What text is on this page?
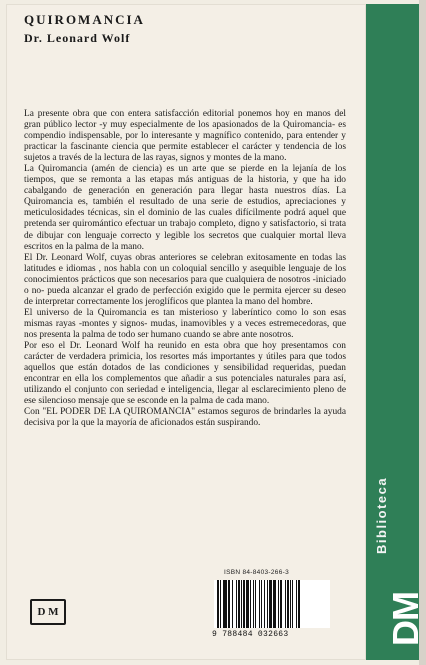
QUIROMANCIA
Dr. Leonard Wolf

La presente obra que con entera satisfacción editorial ponemos hoy en manos del gran público lector -y muy especialmente de los apasionados de la Quiromancia- es compendio indispensable, por lo interesante y magnífico contenido, para entender y practicar la fascinante ciencia que permite establecer el carácter y tendencia de los sujetos a través de la lectura de las rayas, signos y montes de la mano.

La Quiromancia (amén de ciencia) es un arte que se pierde en la lejanía de los tiempos, que se remonta a las etapas más antiguas de la historia, y que ha ido cabalgando de generación en generación para llegar hasta nuestros días. La Quiromancia es, también el resultado de una serie de estudios, apreciaciones y meticulosidades técnicas, sin el dominio de las cuales difícilmente podrá aquel que pretenda ser quiromántico efectuar un trabajo completo, digno y satisfactorio, si trata de dibujar con lenguaje correcto y legible los secretos que cualquier mortal lleva escritos en la palma de la mano.

El Dr. Leonard Wolf, cuyas obras anteriores se celebran exitosamente en todas las latitudes e idiomas , nos habla con un coloquial sencillo y asequible lenguaje de los conocimientos prácticos que son necesarios para que cualquiera de nosotros -iniciado o no- pueda alcanzar el grado de perfección exigido que le permita ejercer su deseo de interpretar correctamente los jeroglíficos que plantea la mano del hombre.

El universo de la Quiromancia es tan misterioso y laberíntico como lo son esas mismas rayas -montes y signos- mudas, inamovibles y a veces estremecedoras, que nos presenta la palma de todo ser humano cuando se abre ante nosotros.

Por eso el Dr. Leonard Wolf ha reunido en esta obra que hoy presentamos con carácter de verdadera primicia, los resortes más importantes y útiles para que todos aquellos que están dotados de las condiciones y sensibilidad requeridas, puedan encontrar en ella los complementos que añadir a sus potenciales naturales para así, utilizando el conjunto con seriedad e inteligencia, llegar al esclarecimiento pleno de ese silencioso mensaje que se esconde en la palma de cada mano.

Con "EL PODER DE LA QUIROMANCIA" estamos seguros de brindarles la ayuda decisiva por la que la mayoría de aficionados están suspirando.

D M
ISBN 84-8403-266-3
9 788484 032663
Biblioteca
DM
